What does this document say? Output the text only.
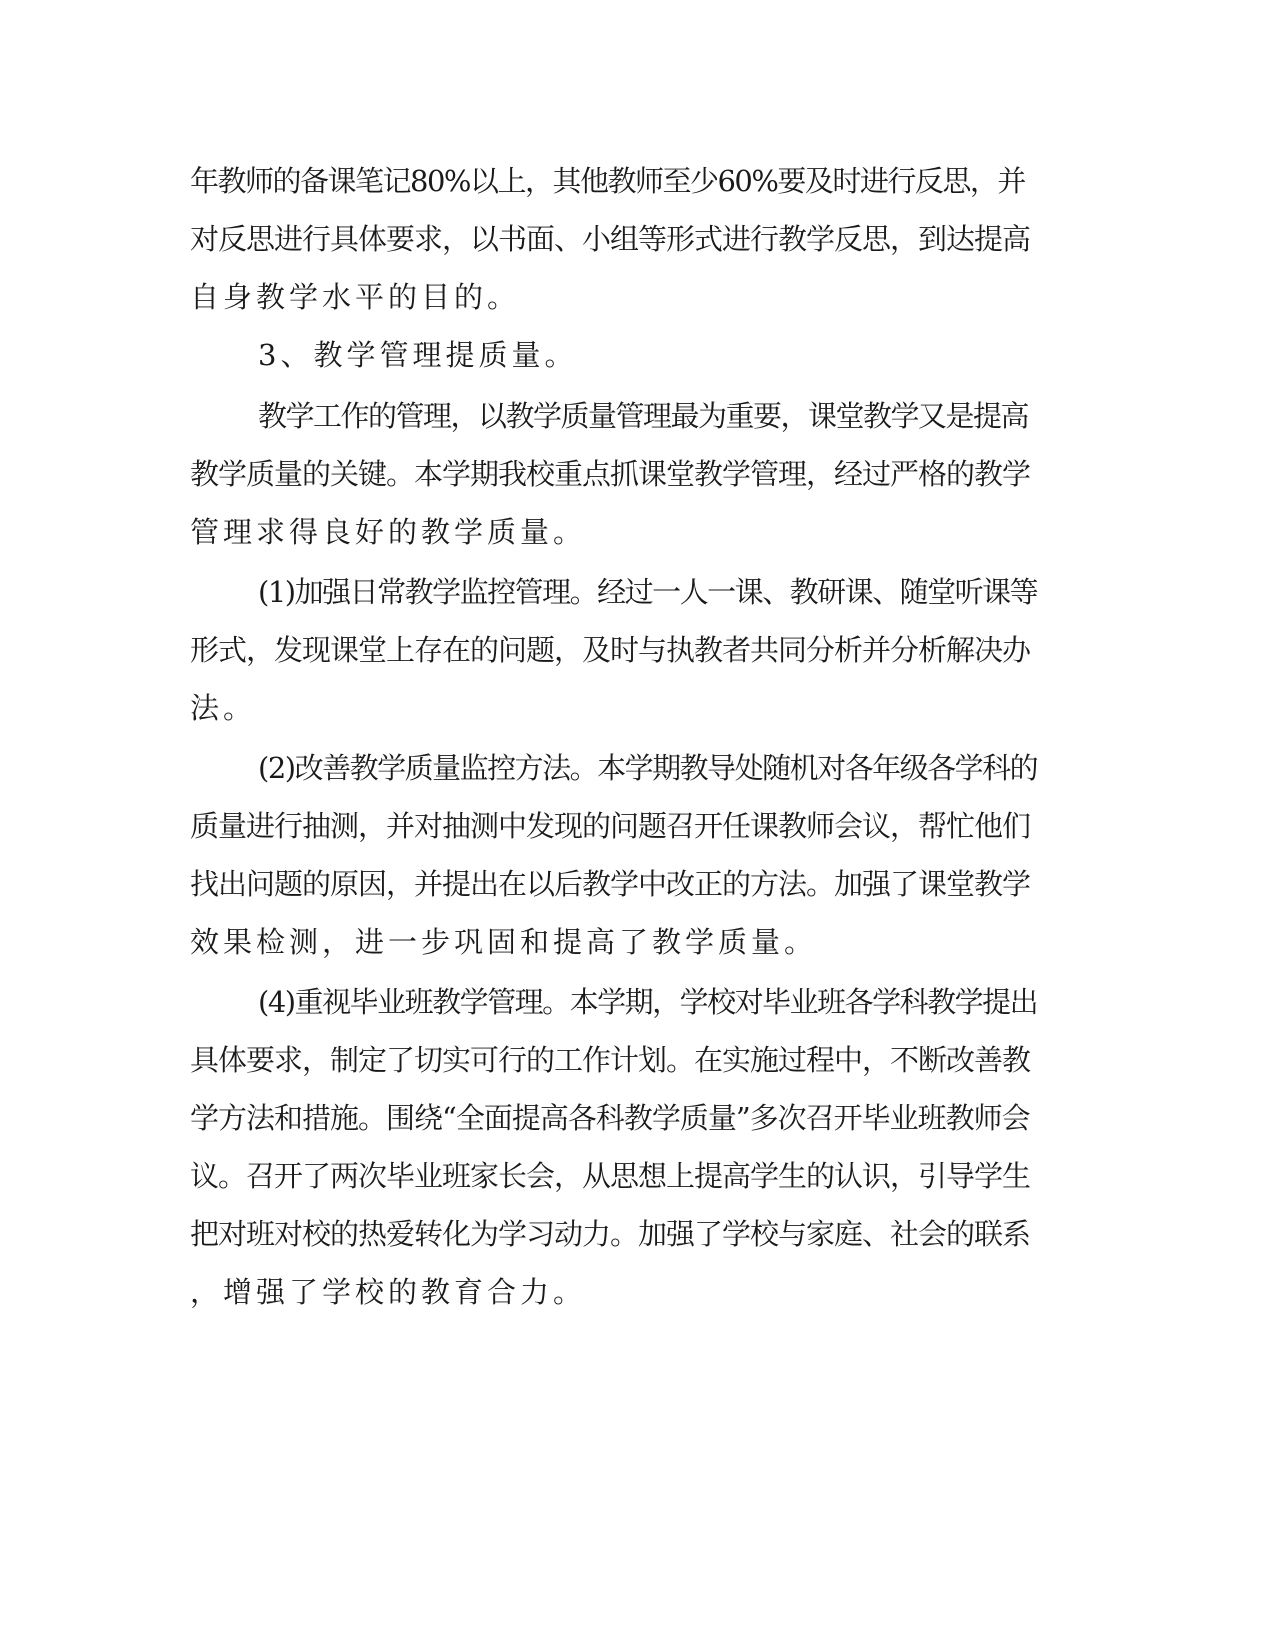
年教师的备课笔记80%以上，其他教师至少60%要及时进行反思，并

对反思进行具体要求，以书面、小组等形式进行教学反思，到达提高

自身教学水平的目的。

3、教学管理提质量。

教学工作的管理，以教学质量管理最为重要，课堂教学又是提高

教学质量的关键。本学期我校重点抓课堂教学管理，经过严格的教学

管理求得良好的教学质量。

(1)加强日常教学监控管理。经过一人一课、教研课、随堂听课等

形式，发现课堂上存在的问题，及时与执教者共同分析并分析解决办

法。

(2)改善教学质量监控方法。本学期教导处随机对各年级各学科的

质量进行抽测，并对抽测中发现的问题召开任课教师会议，帮忙他们

找出问题的原因，并提出在以后教学中改正的方法。加强了课堂教学

效果检测，进一步巩固和提高了教学质量。

(4)重视毕业班教学管理。本学期，学校对毕业班各学科教学提出

具体要求，制定了切实可行的工作计划。在实施过程中，不断改善教

学方法和措施。围绕“全面提高各科教学质量”多次召开毕业班教师会

议。召开了两次毕业班家长会，从思想上提高学生的认识，引导学生

把对班对校的热爱转化为学习动力。加强了学校与家庭、社会的联系

，增强了学校的教育合力。
